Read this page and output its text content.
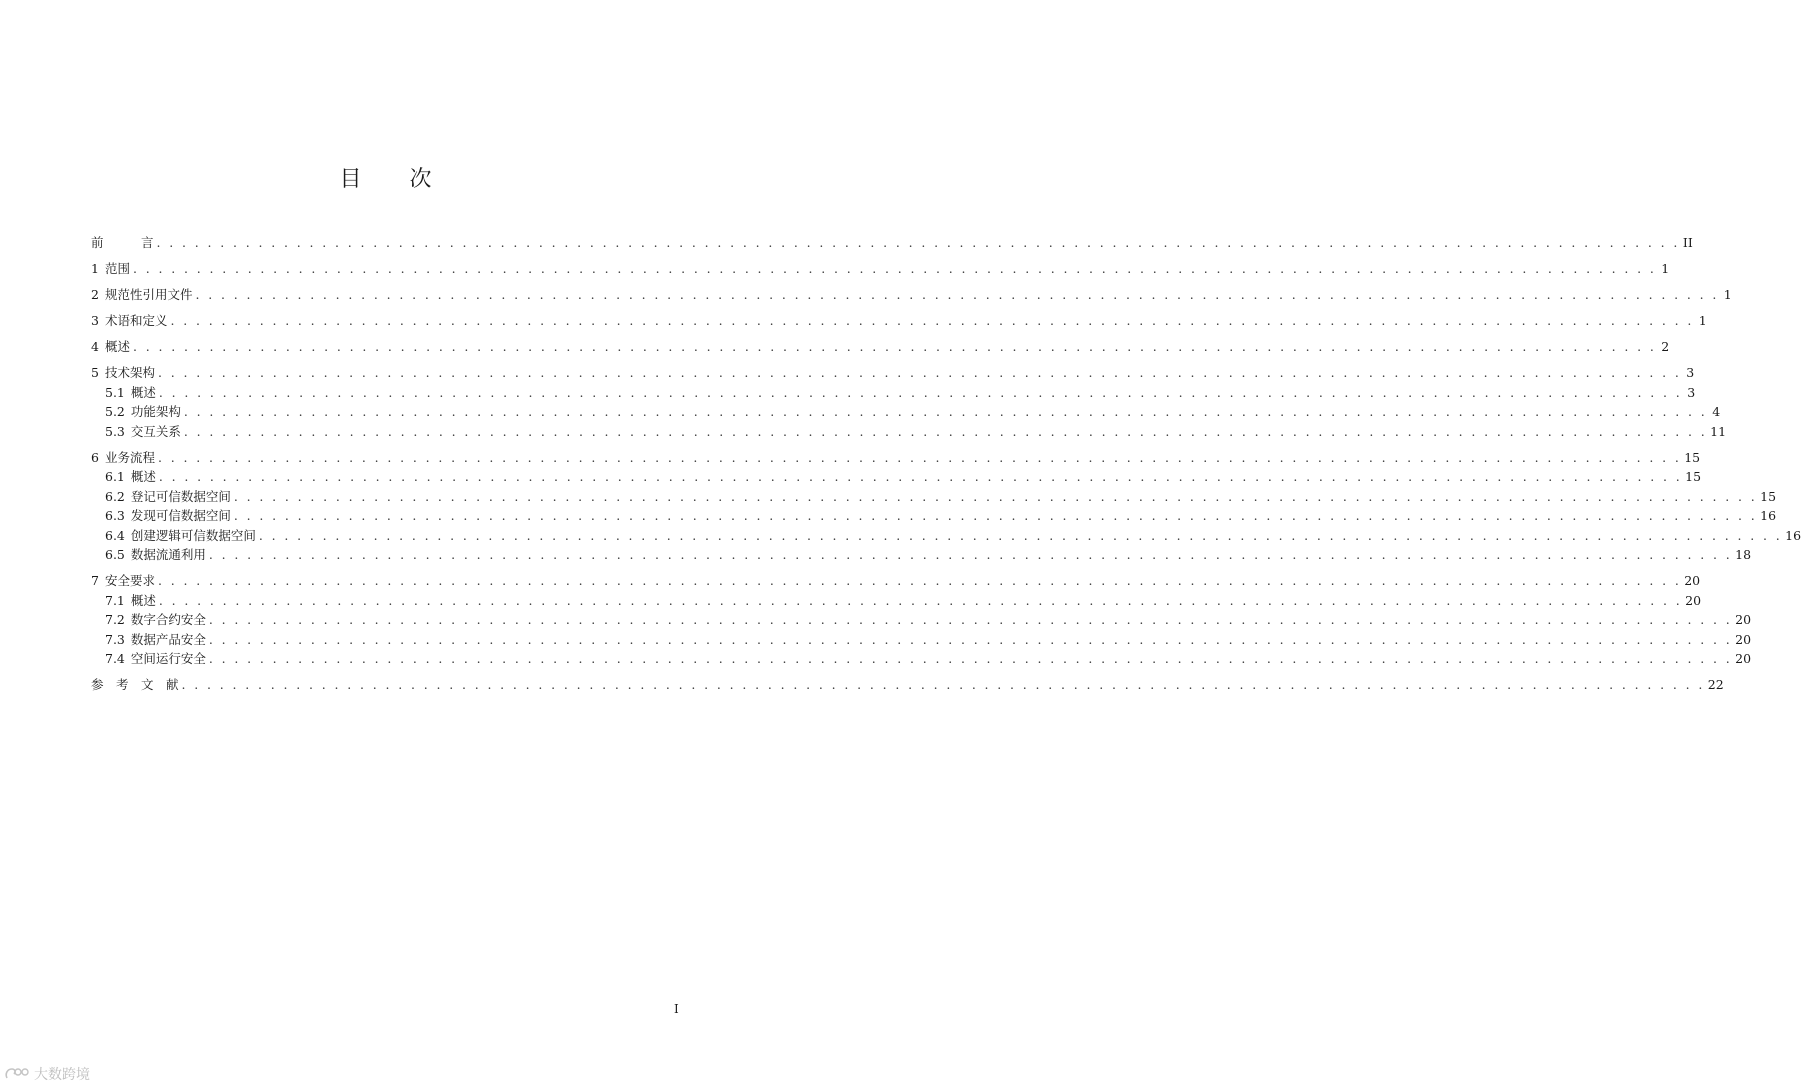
目 次
前　　　言 . . . . . . . . . . . . . . . . . . . . . . . . . . . . . . . . . . . . . . . . . . . . . . . . . . . . . . . . . . . . . . . . . . . . . . . . . . . . . . . . . . . . . . . . . . . . . . . . . . . . . . . . . . . . . . . . . . . . . . . . II
1 范围 . . . . . . . . . . . . . . . . . . . . . . . . . . . . . . . . . . . . . . . . . . . . . . . . . . . . . . . . . . . . . . . . . . . . . . . . . . . . . . . . . . . . . . . . . . . . . . . . . . . . . . . . . . . . . . . . . . . . . . . . 1
2 规范性引用文件 . . . . . . . . . . . . . . . . . . . . . . . . . . . . . . . . . . . . . . . . . . . . . . . . . . . . . . . . . . . . . . . . . . . . . . . . . . . . . . . . . . . . . . . . . . . . . . . . . . . . . . . . . . . . . . . . . . . . . . . . 1
3 术语和定义 . . . . . . . . . . . . . . . . . . . . . . . . . . . . . . . . . . . . . . . . . . . . . . . . . . . . . . . . . . . . . . . . . . . . . . . . . . . . . . . . . . . . . . . . . . . . . . . . . . . . . . . . . . . . . . . . . . . . . . . . 1
4 概述 . . . . . . . . . . . . . . . . . . . . . . . . . . . . . . . . . . . . . . . . . . . . . . . . . . . . . . . . . . . . . . . . . . . . . . . . . . . . . . . . . . . . . . . . . . . . . . . . . . . . . . . . . . . . . . . . . . . . . . . . 2
5 技术架构 . . . . . . . . . . . . . . . . . . . . . . . . . . . . . . . . . . . . . . . . . . . . . . . . . . . . . . . . . . . . . . . . . . . . . . . . . . . . . . . . . . . . . . . . . . . . . . . . . . . . . . . . . . . . . . . . . . . . . . . . 3
5.1 概述 . . . . . . . . . . . . . . . . . . . . . . . . . . . . . . . . . . . . . . . . . . . . . . . . . . . . . . . . . . . . . . . . . . . . . . . . . . . . . . . . . . . . . . . . . . . . . . . . . . . . . . . . . . . . . . . . . . . . . . . . 3
5.2 功能架构 . . . . . . . . . . . . . . . . . . . . . . . . . . . . . . . . . . . . . . . . . . . . . . . . . . . . . . . . . . . . . . . . . . . . . . . . . . . . . . . . . . . . . . . . . . . . . . . . . . . . . . . . . . . . . . . . . . . . . . . . 4
5.3 交互关系 . . . . . . . . . . . . . . . . . . . . . . . . . . . . . . . . . . . . . . . . . . . . . . . . . . . . . . . . . . . . . . . . . . . . . . . . . . . . . . . . . . . . . . . . . . . . . . . . . . . . . . . . . . . . . . . . . . . . . . . . 11
6 业务流程 . . . . . . . . . . . . . . . . . . . . . . . . . . . . . . . . . . . . . . . . . . . . . . . . . . . . . . . . . . . . . . . . . . . . . . . . . . . . . . . . . . . . . . . . . . . . . . . . . . . . . . . . . . . . . . . . . . . . . . . . 15
6.1 概述 . . . . . . . . . . . . . . . . . . . . . . . . . . . . . . . . . . . . . . . . . . . . . . . . . . . . . . . . . . . . . . . . . . . . . . . . . . . . . . . . . . . . . . . . . . . . . . . . . . . . . . . . . . . . . . . . . . . . . . . . 15
6.2 登记可信数据空间 . . . . . . . . . . . . . . . . . . . . . . . . . . . . . . . . . . . . . . . . . . . . . . . . . . . . . . . . . . . . . . . . . . . . . . . . . . . . . . . . . . . . . . . . . . . . . . . . . . . . . . . . . . . . . . . . . . . . . . . . 15
6.3 发现可信数据空间 . . . . . . . . . . . . . . . . . . . . . . . . . . . . . . . . . . . . . . . . . . . . . . . . . . . . . . . . . . . . . . . . . . . . . . . . . . . . . . . . . . . . . . . . . . . . . . . . . . . . . . . . . . . . . . . . . . . . . . . . 16
6.4 创建逻辑可信数据空间 . . . . . . . . . . . . . . . . . . . . . . . . . . . . . . . . . . . . . . . . . . . . . . . . . . . . . . . . . . . . . . . . . . . . . . . . . . . . . . . . . . . . . . . . . . . . . . . . . . . . . . . . . . . . . . . . . . . . . . . . 16
6.5 数据流通利用 . . . . . . . . . . . . . . . . . . . . . . . . . . . . . . . . . . . . . . . . . . . . . . . . . . . . . . . . . . . . . . . . . . . . . . . . . . . . . . . . . . . . . . . . . . . . . . . . . . . . . . . . . . . . . . . . . . . . . . . . 18
7 安全要求 . . . . . . . . . . . . . . . . . . . . . . . . . . . . . . . . . . . . . . . . . . . . . . . . . . . . . . . . . . . . . . . . . . . . . . . . . . . . . . . . . . . . . . . . . . . . . . . . . . . . . . . . . . . . . . . . . . . . . . . . 20
7.1 概述 . . . . . . . . . . . . . . . . . . . . . . . . . . . . . . . . . . . . . . . . . . . . . . . . . . . . . . . . . . . . . . . . . . . . . . . . . . . . . . . . . . . . . . . . . . . . . . . . . . . . . . . . . . . . . . . . . . . . . . . . 20
7.2 数字合约安全 . . . . . . . . . . . . . . . . . . . . . . . . . . . . . . . . . . . . . . . . . . . . . . . . . . . . . . . . . . . . . . . . . . . . . . . . . . . . . . . . . . . . . . . . . . . . . . . . . . . . . . . . . . . . . . . . . . . . . . . . 20
7.3 数据产品安全 . . . . . . . . . . . . . . . . . . . . . . . . . . . . . . . . . . . . . . . . . . . . . . . . . . . . . . . . . . . . . . . . . . . . . . . . . . . . . . . . . . . . . . . . . . . . . . . . . . . . . . . . . . . . . . . . . . . . . . . . 20
7.4 空间运行安全 . . . . . . . . . . . . . . . . . . . . . . . . . . . . . . . . . . . . . . . . . . . . . . . . . . . . . . . . . . . . . . . . . . . . . . . . . . . . . . . . . . . . . . . . . . . . . . . . . . . . . . . . . . . . . . . . . . . . . . . . 20
参　考　文　献 . . . . . . . . . . . . . . . . . . . . . . . . . . . . . . . . . . . . . . . . . . . . . . . . . . . . . . . . . . . . . . . . . . . . . . . . . . . . . . . . . . . . . . . . . . . . . . . . . . . . . . . . . . . . . . . . . . . . . . . . 22
I
大数跨境
